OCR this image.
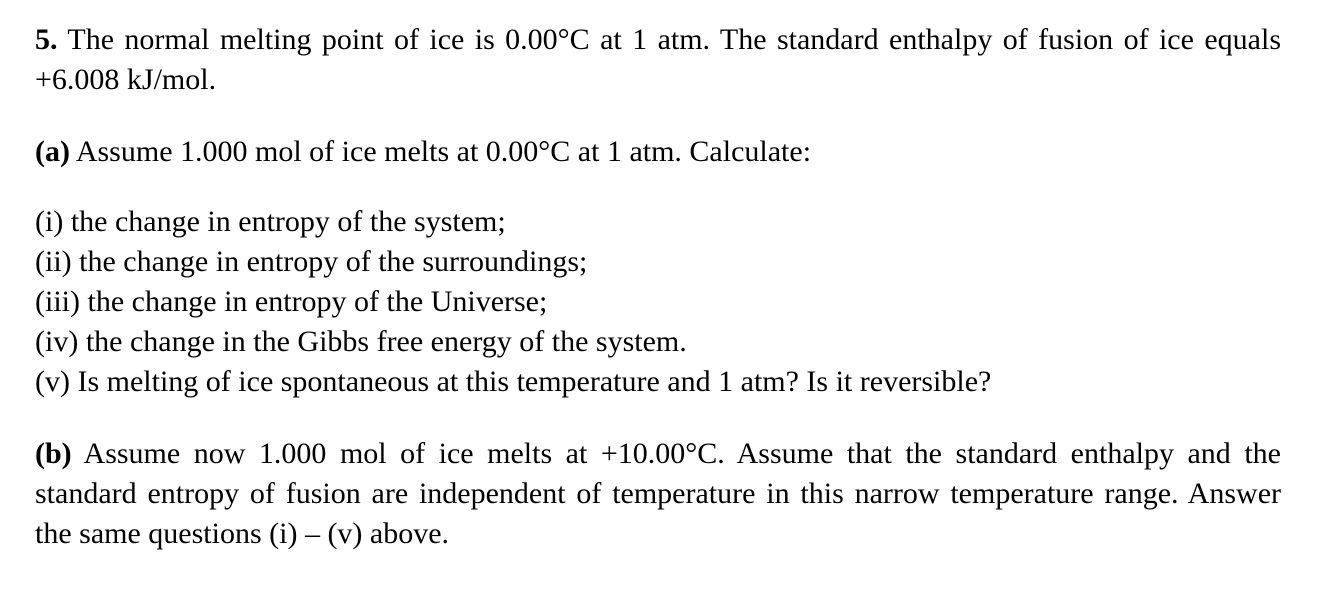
5. The normal melting point of ice is 0.00°C at 1 atm. The standard enthalpy of fusion of ice equals +6.008 kJ/mol.

(a) Assume 1.000 mol of ice melts at 0.00°C at 1 atm. Calculate:

(i) the change in entropy of the system;
(ii) the change in entropy of the surroundings;
(iii) the change in entropy of the Universe;
(iv) the change in the Gibbs free energy of the system.
(v) Is melting of ice spontaneous at this temperature and 1 atm? Is it reversible?

(b) Assume now 1.000 mol of ice melts at +10.00°C. Assume that the standard enthalpy and the standard entropy of fusion are independent of temperature in this narrow temperature range. Answer the same questions (i) – (v) above.
